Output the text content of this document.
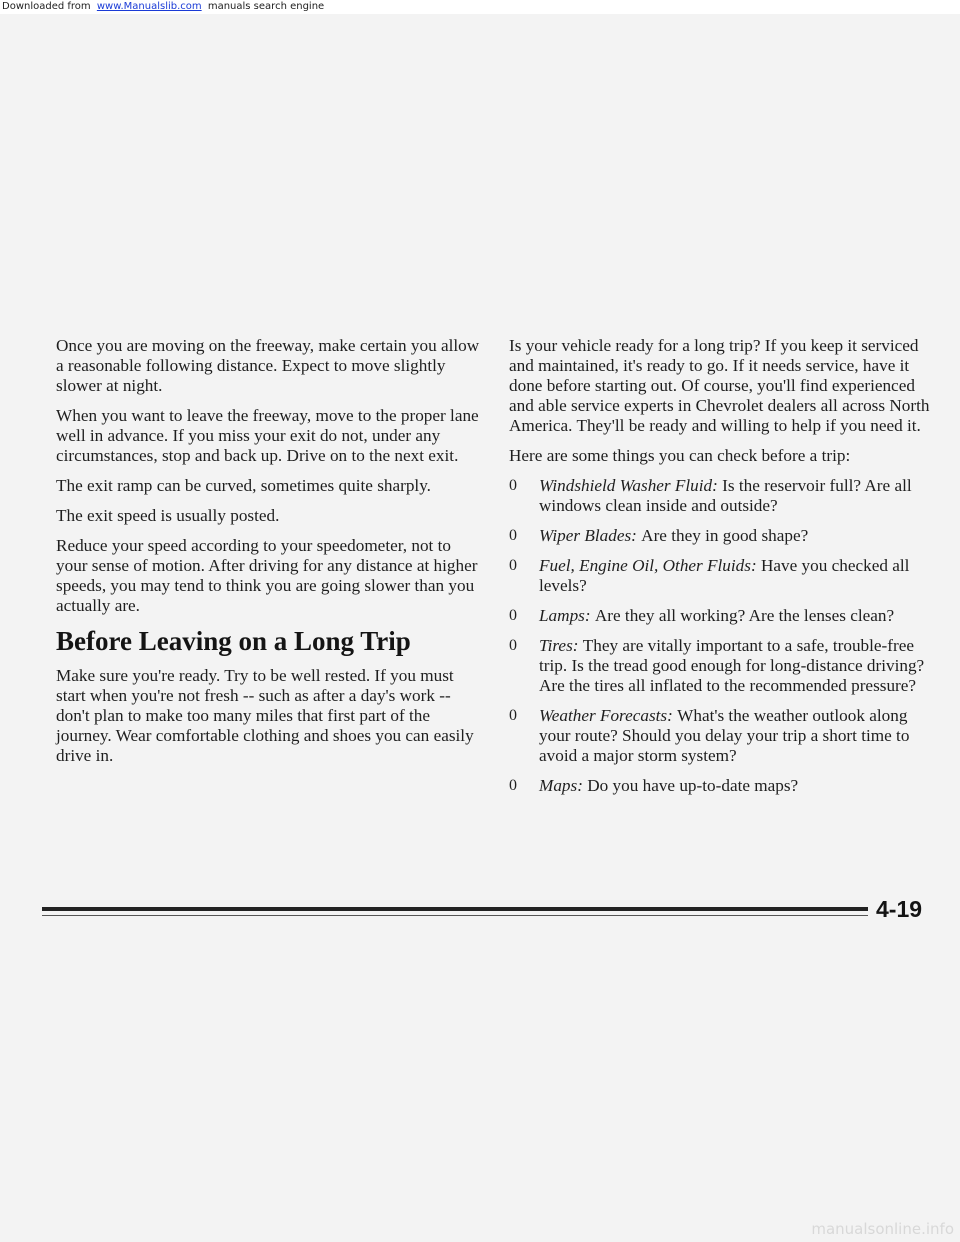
Downloaded from www.Manualslib.com manuals search engine

Once you are moving on the freeway, make certain you allow a reasonable following distance. Expect to move slightly slower at night.

When you want to leave the freeway, move to the proper lane well in advance. If you miss your exit do not, under any circumstances, stop and back up. Drive on to the next exit.

The exit ramp can be curved, sometimes quite sharply.

The exit speed is usually posted.

Reduce your speed according to your speedometer, not to your sense of motion. After driving for any distance at higher speeds, you may tend to think you are going slower than you actually are.

Before Leaving on a Long Trip

Make sure you're ready. Try to be well rested. If you must start when you're not fresh -- such as after a day's work -- don't plan to make too many miles that first part of the journey. Wear comfortable clothing and shoes you can easily drive in.

Is your vehicle ready for a long trip? If you keep it serviced and maintained, it's ready to go. If it needs service, have it done before starting out. Of course, you'll find experienced and able service experts in Chevrolet dealers all across North America. They'll be ready and willing to help if you need it.

Here are some things you can check before a trip:

0 Windshield Washer Fluid: Is the reservoir full? Are all windows clean inside and outside?
0 Wiper Blades: Are they in good shape?
0 Fuel, Engine Oil, Other Fluids: Have you checked all levels?
0 Lamps: Are they all working? Are the lenses clean?
0 Tires: They are vitally important to a safe, trouble-free trip. Is the tread good enough for long-distance driving? Are the tires all inflated to the recommended pressure?
0 Weather Forecasts: What's the weather outlook along your route? Should you delay your trip a short time to avoid a major storm system?
0 Maps: Do you have up-to-date maps?
4-19
manualsonline.info
